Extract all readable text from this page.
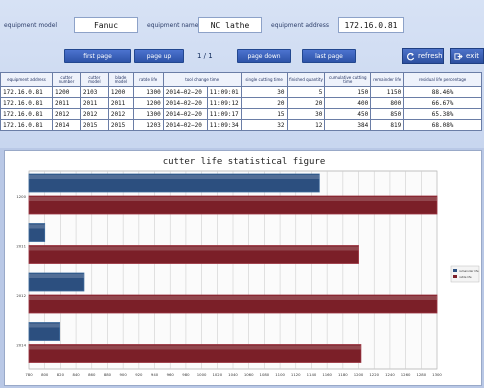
equipment model	Fanuc	equipment name	NC lathe	equipment address	172.16.0.81
first page	page up	1 / 1	page down	last page	refresh	exit
equipment address	cutter number	cutter model	blade model	ratde life	tool change time		single cutting time	finished quantity	cumulative cutting time	remainder life	residual life percentage
172.16.0.81	1200	2103	1200	1300	2014−02−20	11:09:01	30	5	150	1150	88.46%
172.16.0.81	2011	2011	2011	1200	2014−02−20	11:09:12	20	20	400	800	66.67%
172.16.0.81	2012	2012	2012	1300	2014−02−20	11:09:17	15	30	450	850	65.38%
172.16.0.81	2014	2015	2015	1203	2014−02−20	11:09:34	32	12	384	819	68.08%
cutter life statistical figure
780 800 820 840 860 880 900 920 940 960 980 1000 1020 1040 1060 1080 1100 1120 1140 1160 1180 1200 1220 1240 1260 1280 1300
1200
2011
2012
2014
remainder life
ratde life
